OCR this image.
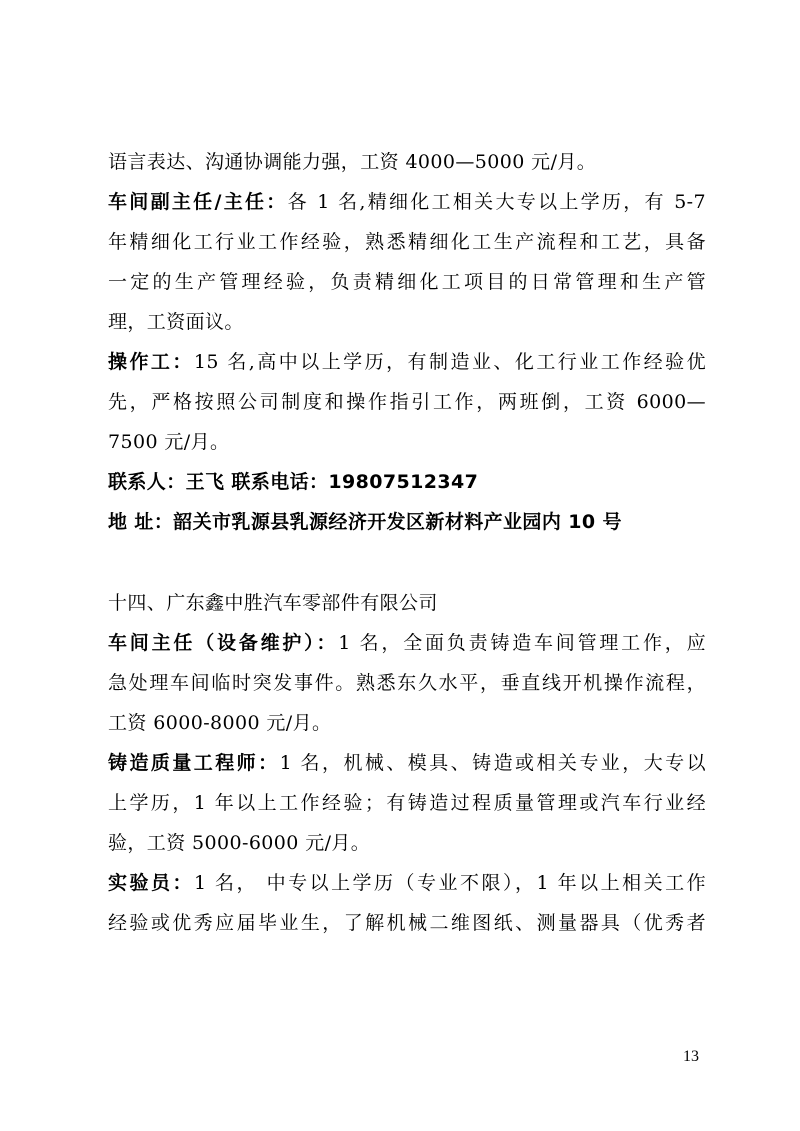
语言表达、沟通协调能力强，工资 4000—5000 元/月。
车间副主任/主任：各 1 名,精细化工相关大专以上学历，有 5-7
年精细化工行业工作经验，熟悉精细化工生产流程和工艺，具备
一定的生产管理经验，负责精细化工项目的日常管理和生产管
理，工资面议。
操作工：15 名,高中以上学历，有制造业、化工行业工作经验优
先，严格按照公司制度和操作指引工作，两班倒，工资 6000—
7500 元/月。
联系人：王飞 联系电话：19807512347
地 址：韶关市乳源县乳源经济开发区新材料产业园内 10 号
十四、广东鑫中胜汽车零部件有限公司
车间主任（设备维护）：1 名，全面负责铸造车间管理工作，应
急处理车间临时突发事件。熟悉东久水平，垂直线开机操作流程，
工资 6000-8000 元/月。
铸造质量工程师：1 名，机械、模具、铸造或相关专业，大专以
上学历，1 年以上工作经验；有铸造过程质量管理或汽车行业经
验，工资 5000-6000 元/月。
实验员：1 名， 中专以上学历（专业不限），1 年以上相关工作
经验或优秀应届毕业生，了解机械二维图纸、测量器具（优秀者
13
